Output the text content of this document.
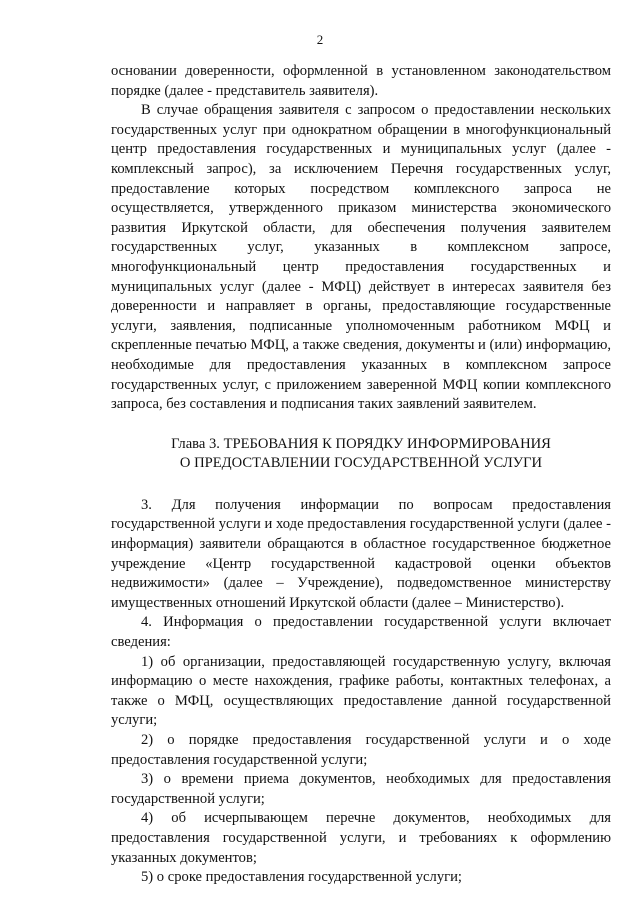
2

основании доверенности, оформленной в установленном законодательством порядке (далее - представитель заявителя).

В случае обращения заявителя с запросом о предоставлении нескольких государственных услуг при однократном обращении в многофункциональный центр предоставления государственных и муниципальных услуг (далее - комплексный запрос), за исключением Перечня государственных услуг, предоставление которых посредством комплексного запроса не осуществляется, утвержденного приказом министерства экономического развития Иркутской области, для обеспечения получения заявителем государственных услуг, указанных в комплексном запросе, многофункциональный центр предоставления государственных и муниципальных услуг (далее - МФЦ) действует в интересах заявителя без доверенности и направляет в органы, предоставляющие государственные услуги, заявления, подписанные уполномоченным работником МФЦ и скрепленные печатью МФЦ, а также сведения, документы и (или) информацию, необходимые для предоставления указанных в комплексном запросе государственных услуг, с приложением заверенной МФЦ копии комплексного запроса, без составления и подписания таких заявлений заявителем.

Глава 3. ТРЕБОВАНИЯ К ПОРЯДКУ ИНФОРМИРОВАНИЯ
О ПРЕДОСТАВЛЕНИИ ГОСУДАРСТВЕННОЙ УСЛУГИ

3. Для получения информации по вопросам предоставления государственной услуги и ходе предоставления государственной услуги (далее - информация) заявители обращаются в областное государственное бюджетное учреждение «Центр государственной кадастровой оценки объектов недвижимости» (далее – Учреждение), подведомственное министерству имущественных отношений Иркутской области (далее – Министерство).

4. Информация о предоставлении государственной услуги включает сведения:

1) об организации, предоставляющей государственную услугу, включая информацию о месте нахождения, графике работы, контактных телефонах, а также о МФЦ, осуществляющих предоставление данной государственной услуги;

2) о порядке предоставления государственной услуги и о ходе предоставления государственной услуги;

3) о времени приема документов, необходимых для предоставления государственной услуги;

4) об исчерпывающем перечне документов, необходимых для предоставления государственной услуги, и требованиях к оформлению указанных документов;

5) о сроке предоставления государственной услуги;
